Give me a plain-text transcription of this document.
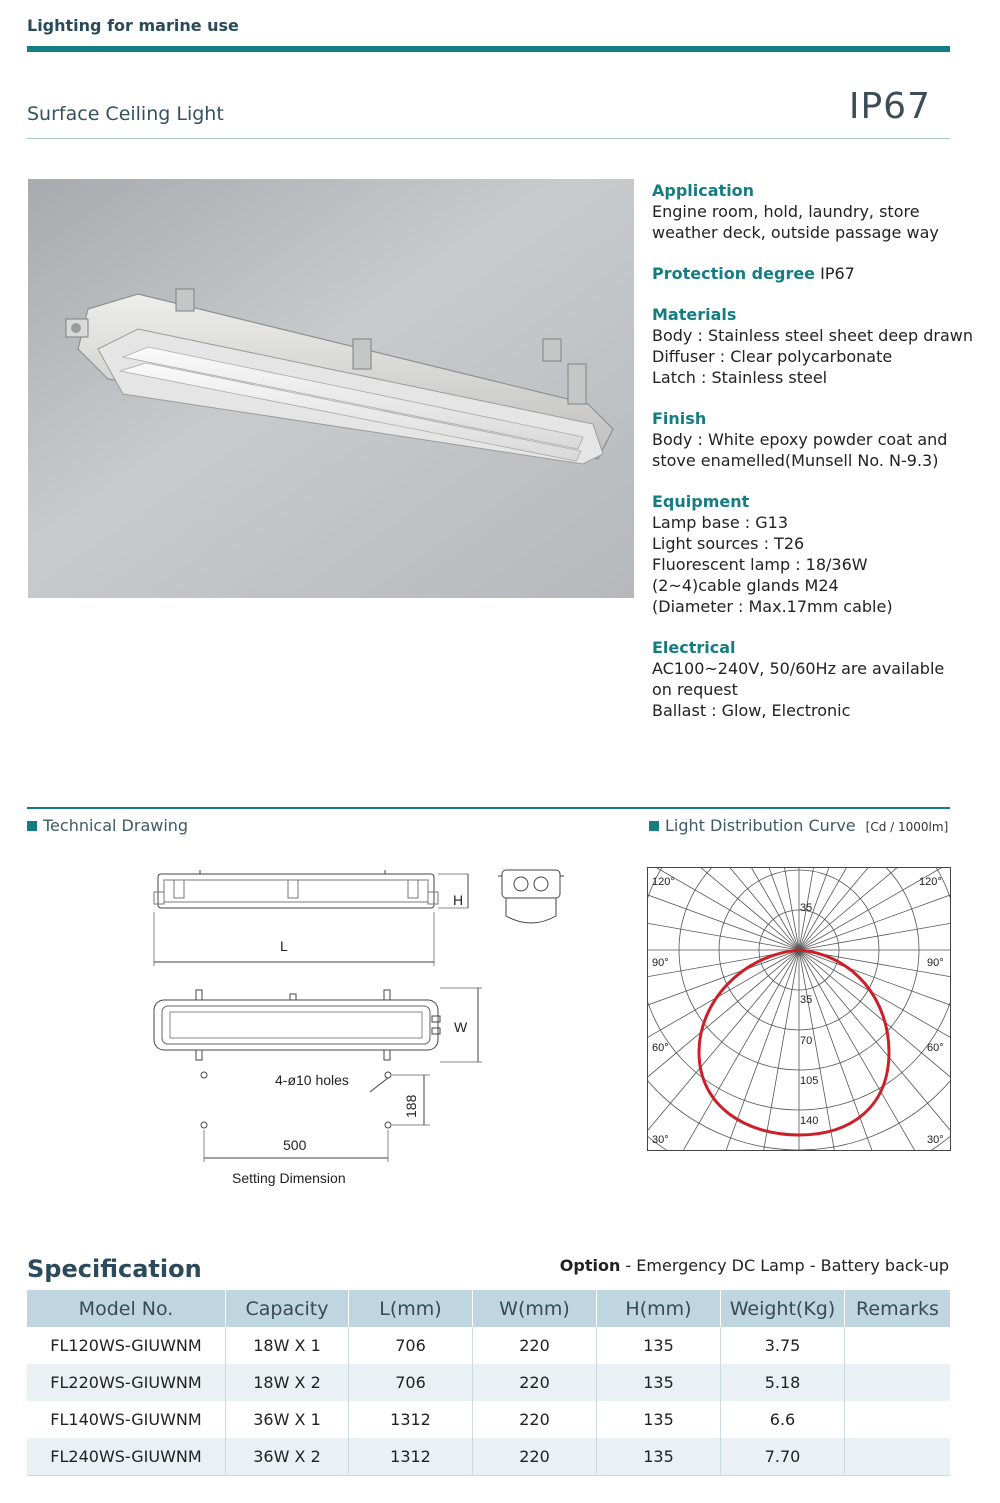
Lighting for marine use
Surface Ceiling Light	IP67
Application
Engine room, hold, laundry, store
weather deck, outside passage way
Protection degree IP67
Materials
Body : Stainless steel sheet deep drawn
Diffuser : Clear polycarbonate
Latch : Stainless steel
Finish
Body : White epoxy powder coat and
stove enamelled(Munsell No. N-9.3)
Equipment
Lamp base : G13
Light sources : T26
Fluorescent lamp : 18/36W
(2~4)cable glands M24
(Diameter : Max.17mm cable)
Electrical
AC100~240V, 50/60Hz are available
on request
Ballast : Glow, Electronic
Technical Drawing	Light Distribution Curve [Cd / 1000lm]
L
H
W
4-ø10 holes
500
188
Setting Dimension
120°	120°
90°	90°
60°	60°
30°	30°
35
35
70
105
140
Specification	Option - Emergency DC Lamp - Battery back-up
Model No.	Capacity	L(mm)	W(mm)	H(mm)	Weight(Kg)	Remarks
FL120WS-GIUWNM	18W X 1	706	220	135	3.75	
FL220WS-GIUWNM	18W X 2	706	220	135	5.18	
FL140WS-GIUWNM	36W X 1	1312	220	135	6.6	
FL240WS-GIUWNM	36W X 2	1312	220	135	7.70	
